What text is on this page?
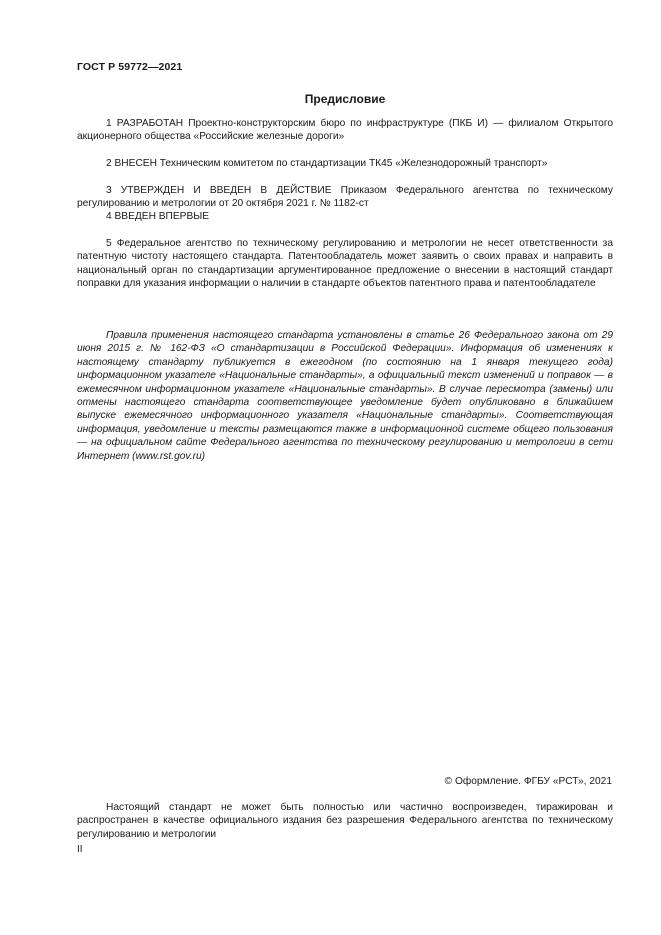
ГОСТ Р 59772—2021
Предисловие

1 РАЗРАБОТАН Проектно-конструкторским бюро по инфраструктуре (ПКБ И) — филиалом Открытого акционерного общества «Российские железные дороги»

2 ВНЕСЕН Техническим комитетом по стандартизации ТК45 «Железнодорожный транспорт»

3 УТВЕРЖДЕН И ВВЕДЕН В ДЕЙСТВИЕ Приказом Федерального агентства по техническому регулированию и метрологии от 20 октября 2021 г. № 1182-ст

4 ВВЕДЕН ВПЕРВЫЕ

5 Федеральное агентство по техническому регулированию и метрологии не несет ответственности за патентную чистоту настоящего стандарта. Патентообладатель может заявить о своих правах и направить в национальный орган по стандартизации аргументированное предложение о внесении в настоящий стандарт поправки для указания информации о наличии в стандарте объектов патентного права и патентообладателе

Правила применения настоящего стандарта установлены в статье 26 Федерального закона от 29 июня 2015 г. № 162-ФЗ «О стандартизации в Российской Федерации». Информация об изменениях к настоящему стандарту публикуется в ежегодном (по состоянию на 1 января текущего года) информационном указателе «Национальные стандарты», а официальный текст изменений и поправок — в ежемесячном информационном указателе «Национальные стандарты». В случае пересмотра (замены) или отмены настоящего стандарта соответствующее уведомление будет опубликовано в ближайшем выпуске ежемесячного информационного указателя «Национальные стандарты». Соответствующая информация, уведомление и тексты размещаются также в информационной системе общего пользования — на официальном сайте Федерального агентства по техническому регулированию и метрологии в сети Интернет (www.rst.gov.ru)

© Оформление. ФГБУ «РСТ», 2021

Настоящий стандарт не может быть полностью или частично воспроизведен, тиражирован и распространен в качестве официального издания без разрешения Федерального агентства по техническому регулированию и метрологии

II
